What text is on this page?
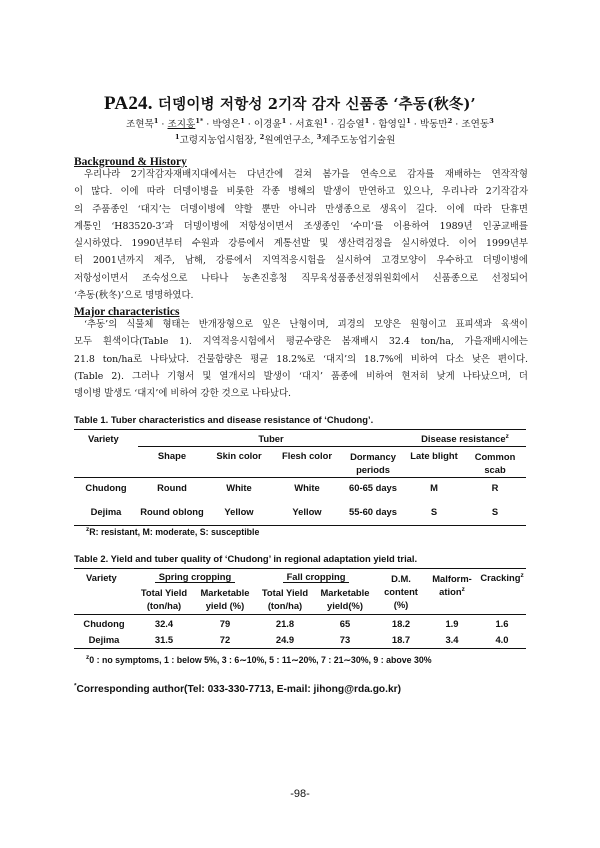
PA24. 더뎅이병 저항성 2기작 감자 신품종 ‘추동(秋冬)’
조현묵$^1$ · 조지홍$^{1*}$ · 박영은$^1$ · 이경윤$^1$ · 서효원$^1$ · 김승열$^1$ · 함영일$^1$ · 박동만$^2$ · 조연동$^3$
$^1$고령지농업시험장, $^2$원예연구소, $^3$제주도농업기술원
Background & History
우리나라 2기작감자재배지대에서는 다년간에 걸쳐 봄가을 연속으로 감자를 재배하는 연작작형
이 많다. 이에 따라 더뎅이병을 비롯한 각종 병해의 발생이 만연하고 있으나, 우리나라 2기작감자
의 주품종인 ‘대지’는 더뎅이병에 약할 뿐만 아니라 만생종으로 생육이 길다. 이에 따라 단휴면
계통인 ‘H83520-3’과 더뎅이병에 저항성이면서 조생종인 ‘수미’를 이용하여 1989년 인공교배를
실시하였다. 1990년부터 수원과 강릉에서 계통선발 및 생산력검정을 실시하였다. 이어 1999년부
터 2001년까지 제주, 남해, 강릉에서 지역적응시험을 실시하여 고경모양이 우수하고 더뎅이병에
저항성이면서 조숙성으로 나타나 농촌진흥청 직무육성품종선정위원회에서 신품종으로 선정되어
‘추동(秋冬)’으로 명명하였다.
Major characteristics
‘추동’의 식물체 형태는 반개장형으로 잎은 난형이며, 괴경의 모양은 원형이고 표피색과 육색이
모두 흰색이다(Table 1). 지역적응시험에서 평균수량은 봄재배시 32.4 ton/ha, 가을재배시에는
21.8 ton/ha로 나타났다. 건물함량은 평균 18.2%로 ‘대지’의 18.7%에 비하여 다소 낮은 편이다.
(Table 2). 그러나 기형서 및 열개서의 발생이 ‘대지’ 품종에 비하여 현저히 낮게 나타났으며, 더
뎅이병 발생도 ‘대지’에 비하여 강한 것으로 나타났다.
Table 1. Tuber characteristics and disease resistance of ‘Chudong’.
Variety	Tuber				Disease resistance$^z$
	Shape	Skin color	Flesh color	Dormancy periods	Late blight	Common scab
Chudong	Round	White	White	60-65 days	M	R
Dejima	Round oblong	Yellow	Yellow	55-60 days	S	S
$^z$R: resistant, M: moderate, S: susceptible
Table 2. Yield and tuber quality of ‘Chudong’ in regional adaptation yield trial.
Variety	Spring cropping		Fall cropping		D.M. content (%)	Malform- ation$^z$	Cracking$^z$
	Total Yield (ton/ha)	Marketable yield (%)	Total Yield (ton/ha)	Marketable yield(%)			
Chudong	32.4	79	21.8	65	18.2	1.9	1.6
Dejima	31.5	72	24.9	73	18.7	3.4	4.0
$^z$0 : no symptoms, 1 : below 5%, 3 : 6∼10%, 5 : 11∼20%, 7 : 21∼30%, 9 : above 30%
*Corresponding author(Tel: 033-330-7713, E-mail: jihong@rda.go.kr)
-98-
